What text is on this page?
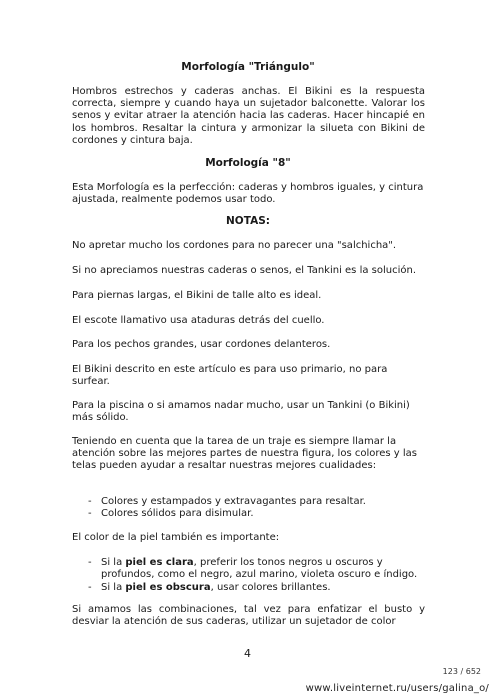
Morfología "Triángulo"
Hombros estrechos y caderas anchas. El Bikini es la respuesta correcta, siempre y cuando haya un sujetador balconette. Valorar los senos y evitar atraer la atención hacia las caderas. Hacer hincapié en los hombros. Resaltar la cintura y armonizar la silueta con Bikini de cordones y cintura baja.
Morfología "8"
Esta Morfología es la perfección: caderas y hombros iguales, y cintura ajustada, realmente podemos usar todo.
NOTAS:
No apretar mucho los cordones para no parecer una "salchicha".
Si no apreciamos nuestras caderas o senos, el Tankini es la solución.
Para piernas largas, el Bikini de talle alto es ideal.
El escote llamativo usa ataduras detrás del cuello.
Para los pechos grandes, usar cordones delanteros.
El Bikini descrito en este artículo es para uso primario, no para surfear.
Para la piscina o si amamos nadar mucho, usar un Tankini (o Bikini) más sólido.
Teniendo en cuenta que la tarea de un traje es siempre llamar la atención sobre las mejores partes de nuestra figura, los colores y las telas pueden ayudar a resaltar nuestras mejores cualidades:
- Colores y estampados y extravagantes para resaltar.
- Colores sólidos para disimular.
El color de la piel también es importante:
- Si la piel es clara, preferir los tonos negros u oscuros y profundos, como el negro, azul marino, violeta oscuro e índigo.
- Si la piel es obscura, usar colores brillantes.
Si amamos las combinaciones, tal vez para enfatizar el busto y desviar la atención de sus caderas, utilizar un sujetador de color
4
123 / 652
www.liveinternet.ru/users/galina_o/
